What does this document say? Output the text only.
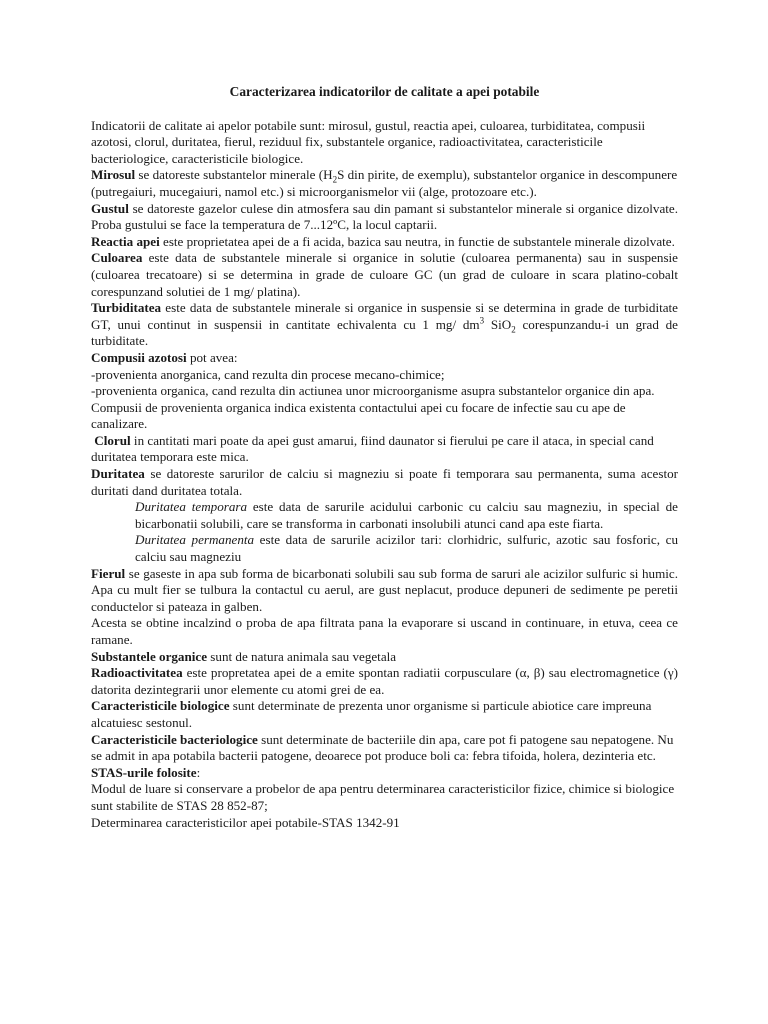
Caracterizarea indicatorilor de calitate a apei potabile

Indicatorii de calitate ai apelor potabile sunt: mirosul, gustul, reactia apei, culoarea, turbiditatea, compusii azotosi, clorul, duritatea, fierul, reziduul fix, substantele organice, radioactivitatea, caracteristicile bacteriologice, caracteristicile biologice.

Mirosul se datoreste substantelor minerale ($H_2S$ din pirite, de exemplu), substantelor organice in descompunere (putregaiuri, mucegaiuri, namol etc.) si microorganismelor vii (alge, protozoare etc.).

Gustul se datoreste gazelor culese din atmosfera sau din pamant si substantelor minerale si organice dizolvate. Proba gustului se face la temperatura de 7...12ºC, la locul captarii.

Reactia apei este proprietatea apei de a fi acida, bazica sau neutra, in functie de substantele minerale dizolvate.

Culoarea este data de substantele minerale si organice in solutie (culoarea permanenta) sau in suspensie (culoarea trecatoare) si se determina in grade de culoare GC (un grad de culoare in scara platino-cobalt corespunzand solutiei de 1 mg/ platina).

Turbiditatea este data de substantele minerale si organice in suspensie si se determina in grade de turbiditate GT, unui continut in suspensii in cantitate echivalenta cu 1 mg/ $dm^3$ SiO$_2$ corespunzandu-i un grad de turbiditate.

Compusii azotosi pot avea:

-provenienta anorganica, cand rezulta din procese mecano-chimice;

-provenienta organica, cand rezulta din actiunea unor microorganisme asupra substantelor organice din apa. Compusii de provenienta organica indica existenta contactului apei cu focare de infectie sau cu ape de canalizare.

Clorul in cantitati mari poate da apei gust amarui, fiind daunator si fierului pe care il ataca, in special cand duritatea temporara este mica.

Duritatea se datoreste sarurilor de calciu si magneziu si poate fi temporara sau permanenta, suma acestor duritati dand duritatea totala.

Duritatea temporara este data de sarurile acidului carbonic cu calciu sau magneziu, in special de bicarbonatii solubili, care se transforma in carbonati insolubili atunci cand apa este fiarta.

Duritatea permanenta este data de sarurile acizilor tari: clorhidric, sulfuric, azotic sau fosforic, cu calciu sau magneziu

Fierul se gaseste in apa sub forma de bicarbonati solubili sau sub forma de saruri ale acizilor sulfuric si humic. Apa cu mult fier se tulbura la contactul cu aerul, are gust neplacut, produce depuneri de sedimente pe peretii conductelor si pateaza in galben.

Acesta se obtine incalzind o proba de apa filtrata pana la evaporare si uscand in continuare, in etuva, ceea ce ramane.

Substantele organice sunt de natura animala sau vegetala

Radioactivitatea este propretatea apei de a emite spontan radiatii corpusculare (α, β) sau electromagnetice (γ) datorita dezintegrarii unor elemente cu atomi grei de ea.

Caracteristicile biologice sunt determinate de prezenta unor organisme si particule abiotice care impreuna alcatuiesc sestonul.

Caracteristicile bacteriologice sunt determinate de bacteriile din apa, care pot fi patogene sau nepatogene. Nu se admit in apa potabila bacterii patogene, deoarece pot produce boli ca: febra tifoida, holera, dezinteria etc.

STAS-urile folosite:

Modul de luare si conservare a probelor de apa pentru determinarea caracteristicilor fizice, chimice si biologice sunt stabilite de STAS 28 852-87;

Determinarea caracteristicilor apei potabile-STAS 1342-91
